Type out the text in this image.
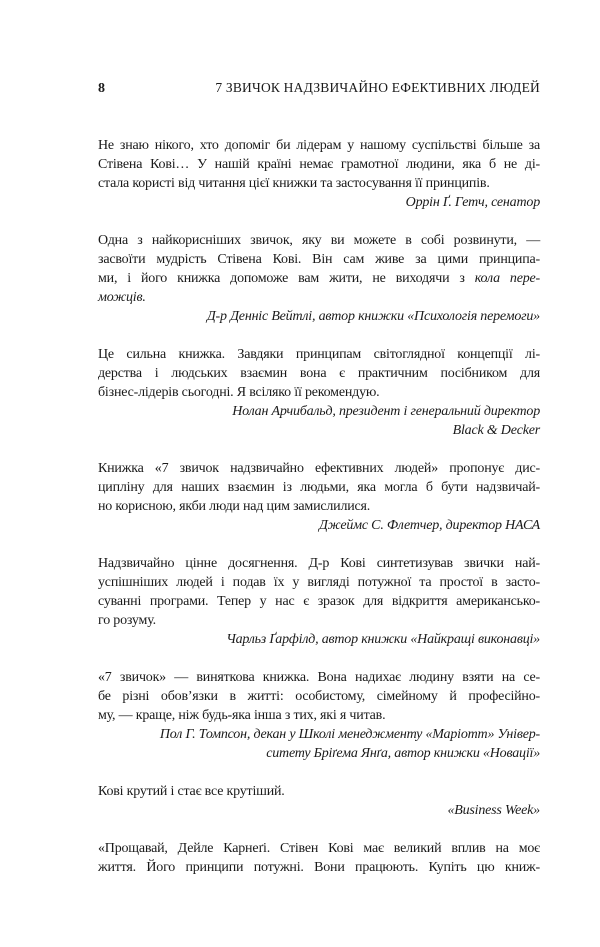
8	7 ЗВИЧОК НАДЗВИЧАЙНО ЕФЕКТИВНИХ ЛЮДЕЙ
Не знаю нікого, хто допоміг би лідерам у нашому суспільстві більше за
Стівена Кові… У нашій країні немає грамотної людини, яка б не ді-
стала користі від читання цієї книжки та застосування її принципів.
Оррін Ґ. Гетч, сенатор
Одна з найкорисніших звичок, яку ви можете в собі розвинути, —
засвоїти мудрість Стівена Кові. Він сам живе за цими принципа-
ми, і його книжка допоможе вам жити, не виходячи з кола пере-
можців.
Д-р Денніс Вейтлі, автор книжки «Психологія перемоги»
Це сильна книжка. Завдяки принципам світоглядної концепції лі-
дерства і людських взаємин вона є практичним посібником для
бізнес-лідерів сьогодні. Я всіляко її рекомендую.
Нолан Арчибальд, президент і генеральний директор
Black & Decker
Книжка «7 звичок надзвичайно ефективних людей» пропонує дис-
ципліну для наших взаємин із людьми, яка могла б бути надзвичай-
но корисною, якби люди над цим замислилися.
Джеймс С. Флетчер, директор НАСА
Надзвичайно цінне досягнення. Д-р Кові синтетизував звички най-
успішніших людей і подав їх у вигляді потужної та простої в засто-
суванні програми. Тепер у нас є зразок для відкриття американсько-
го розуму.
Чарльз Ґарфілд, автор книжки «Найкращі виконавці»
«7 звичок» — виняткова книжка. Вона надихає людину взяти на се-
бе різні обов’язки в житті: особистому, сімейному й професійно-
му, — краще, ніж будь-яка інша з тих, які я читав.
Пол Г. Томпсон, декан у Школі менеджменту «Маріотт» Універ-
ситету Бріґема Янґа, автор книжки «Новації»
Кові крутий і стає все крутіший.
«Business Week»
«Прощавай, Дейле Карнеґі. Стівен Кові має великий вплив на моє
життя. Його принципи потужні. Вони працюють. Купіть цю книж-
